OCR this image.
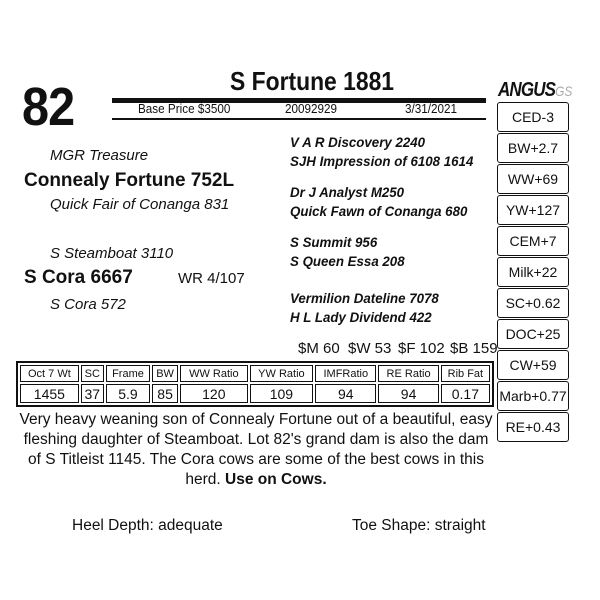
82	S Fortune 1881
Base Price $3500	20092929	3/31/2021
ANGUSGS
CED-3
BW+2.7
WW+69
YW+127
CEM+7
Milk+22
SC+0.62
DOC+25
CW+59
Marb+0.77
RE+0.43
MGR Treasure
Connealy Fortune 752L
Quick Fair of Conanga 831
S Steamboat 3110
S Cora 6667	WR 4/107
S Cora 572
V A R Discovery 2240
SJH Impression of 6108 1614
Dr J Analyst M250
Quick Fawn of Conanga 680
S Summit 956
S Queen Essa 208
Vermilion Dateline 7078
H L Lady Dividend 422
$M 60 $W 53 $F 102 $B 159
Oct 7 Wt	SC	Frame	BW	WW Ratio	YW Ratio	IMFRatio	RE Ratio	Rib Fat
1455	37	5.9	85	120	109	94	94	0.17
Very heavy weaning son of Connealy Fortune out of a beautiful, easy fleshing daughter of Steamboat. Lot 82's grand dam is also the dam of S Titleist 1145. The Cora cows are some of the best cows in this herd. Use on Cows.
Heel Depth: adequate	Toe Shape: straight
